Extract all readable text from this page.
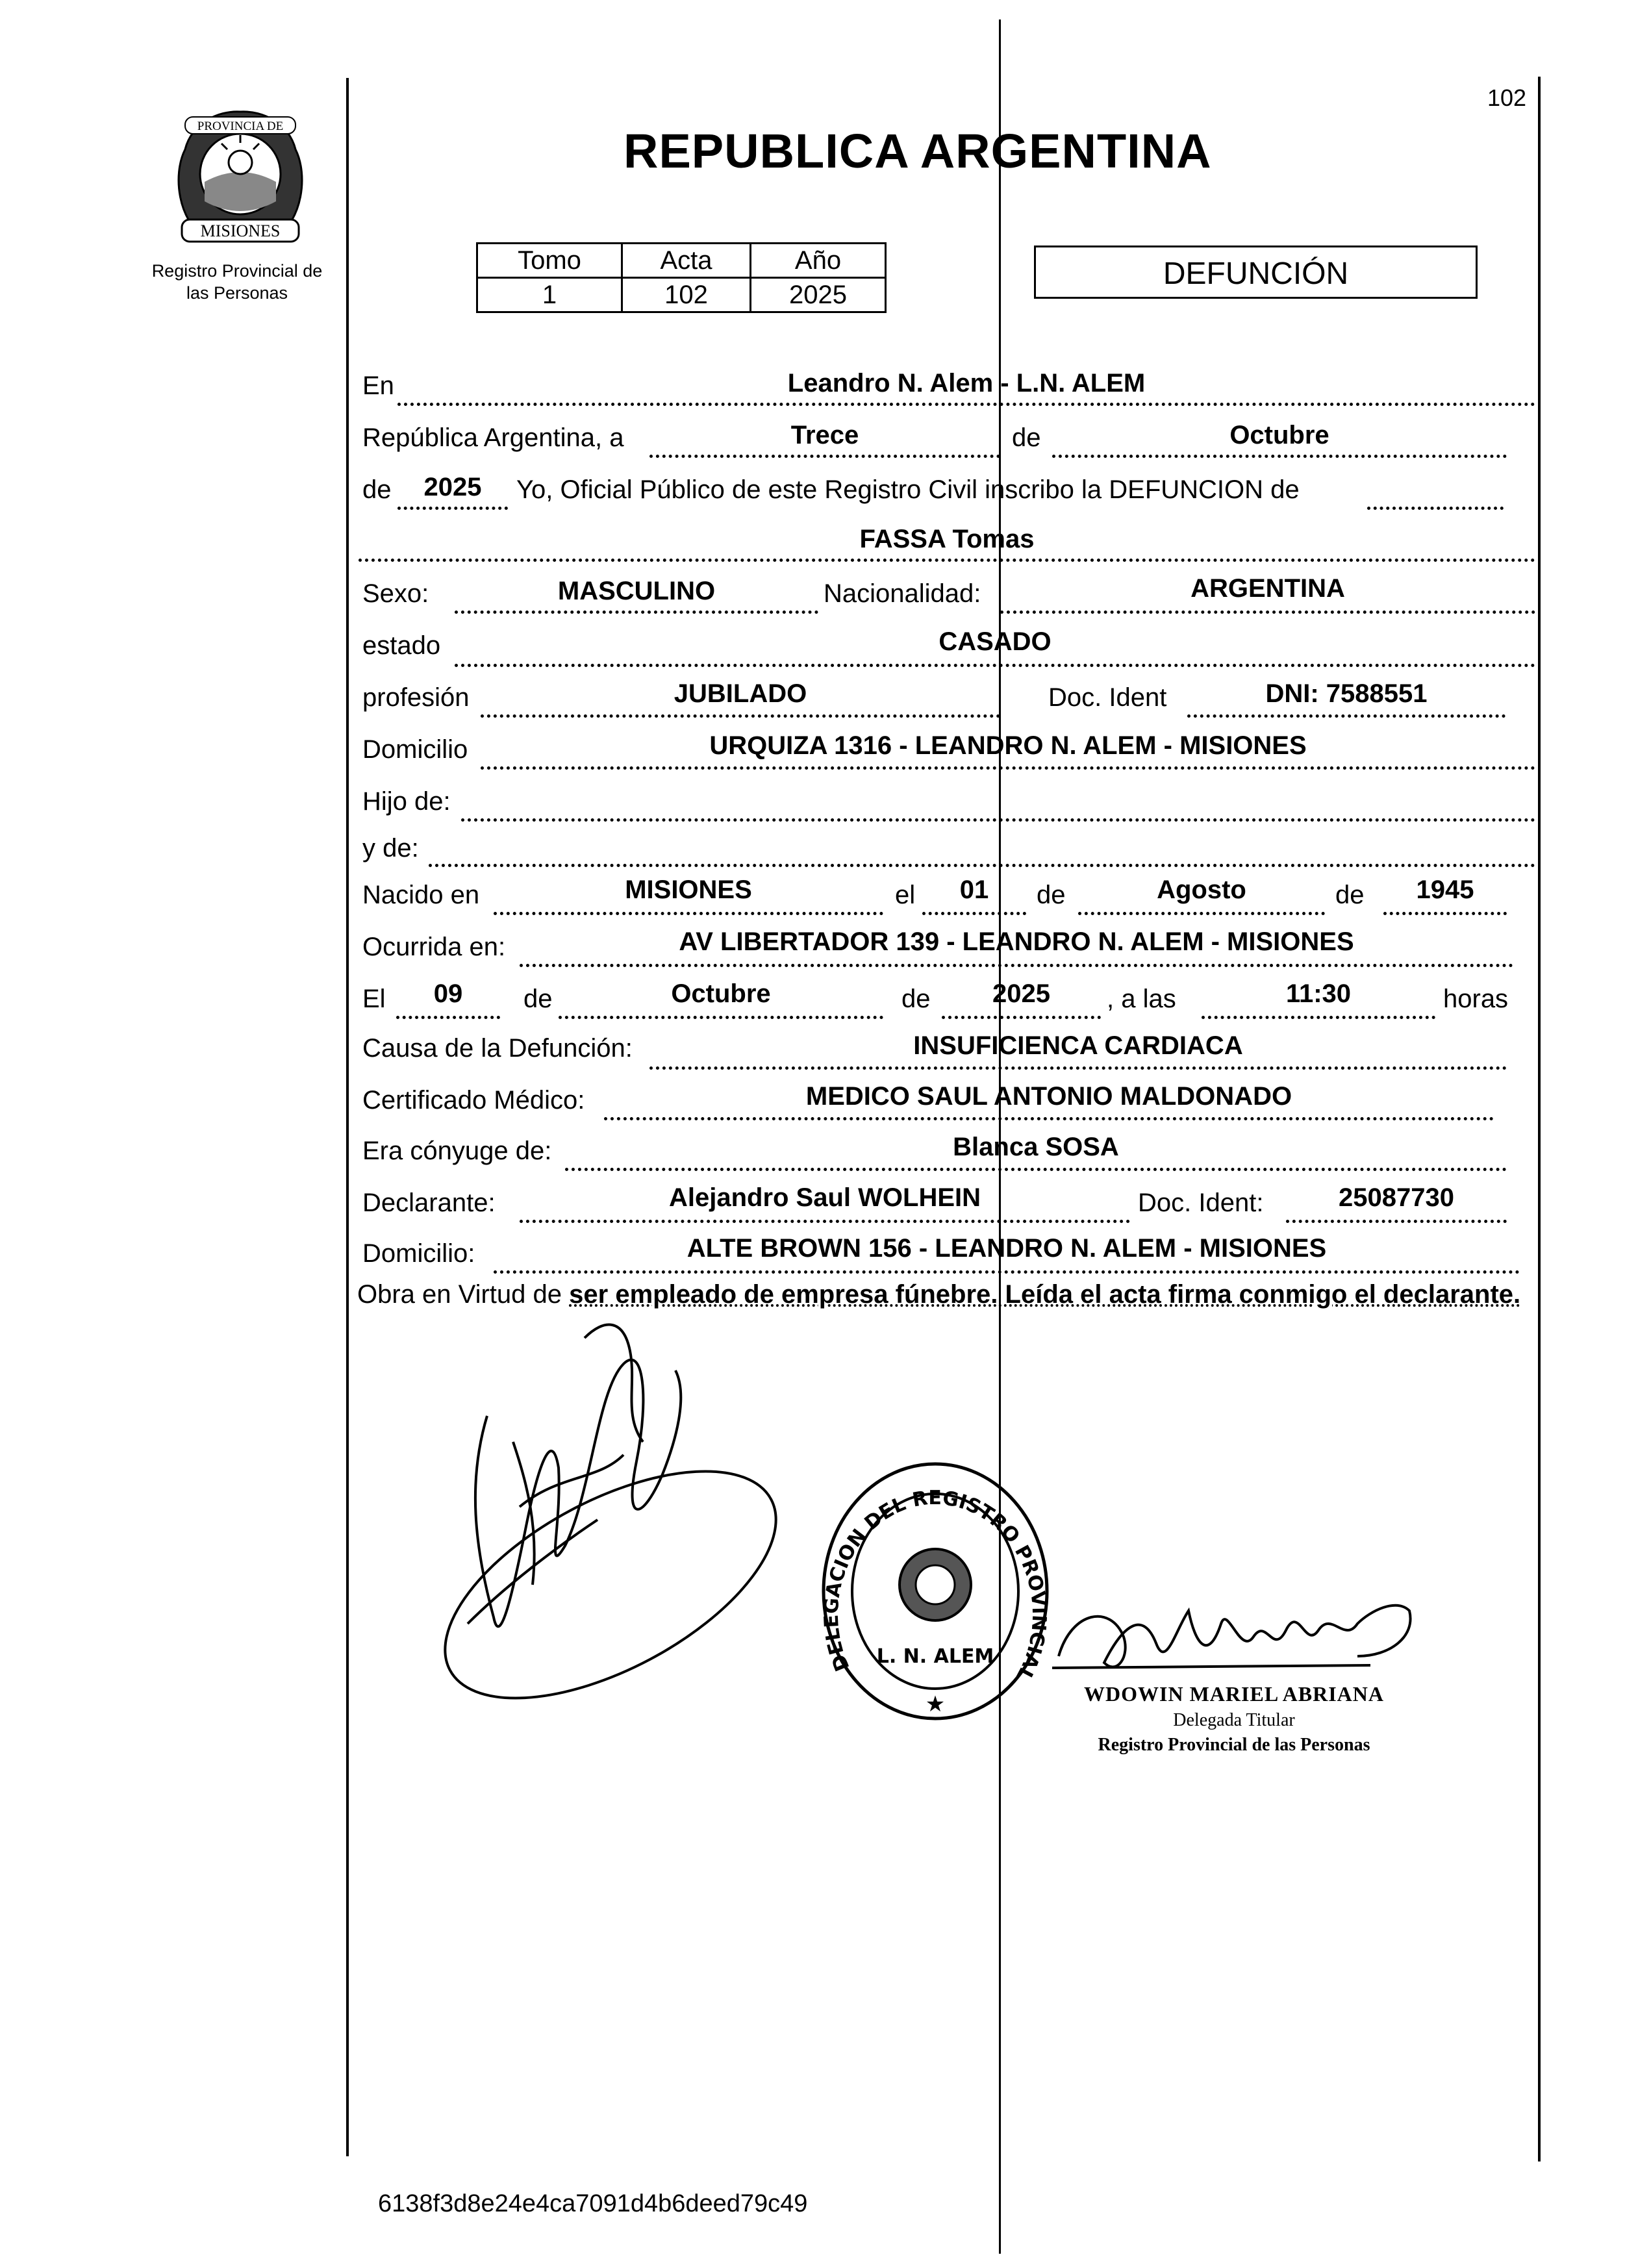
PROVINCIA DE
MISIONES
Registro Provincial de
las Personas
REPUBLICA ARGENTINA
102
Tomo	Acta	Año
1	102	2025
DEFUNCIÓN
En	Leandro N. Alem - L.N. ALEM
República Argentina, a	Trece	de	Octubre
de	2025	Yo, Oficial Público de este Registro Civil inscribo la DEFUNCION de
FASSA Tomas
Sexo:	MASCULINO	Nacionalidad:	ARGENTINA
estado	CASADO
profesión	JUBILADO	Doc. Ident	DNI: 7588551
Domicilio	URQUIZA 1316 - LEANDRO N. ALEM - MISIONES
Hijo de:
y de:
Nacido en	MISIONES	el	01	de	Agosto	de	1945
Ocurrida en:	AV LIBERTADOR 139 - LEANDRO N. ALEM - MISIONES
El	09	de	Octubre	de	2025	, a las	11:30	horas
Causa de la Defunción:	INSUFICIENCA CARDIACA
Certificado Médico:	MEDICO SAUL ANTONIO MALDONADO
Era cónyuge de:	Blanca SOSA
Declarante:	Alejandro Saul WOLHEIN	Doc. Ident:	25087730
Domicilio:	ALTE BROWN 156 - LEANDRO N. ALEM - MISIONES
Obra en Virtud de ser empleado de empresa fúnebre. Leída el acta firma conmigo el declarante.
DELEGACION DEL REGISTRO PROVINCIAL
L. N. ALEM
★	WDOWIN MARIEL ABRIANA
Delegada Titular
Registro Provincial de las Personas
6138f3d8e24e4ca7091d4b6deed79c49
